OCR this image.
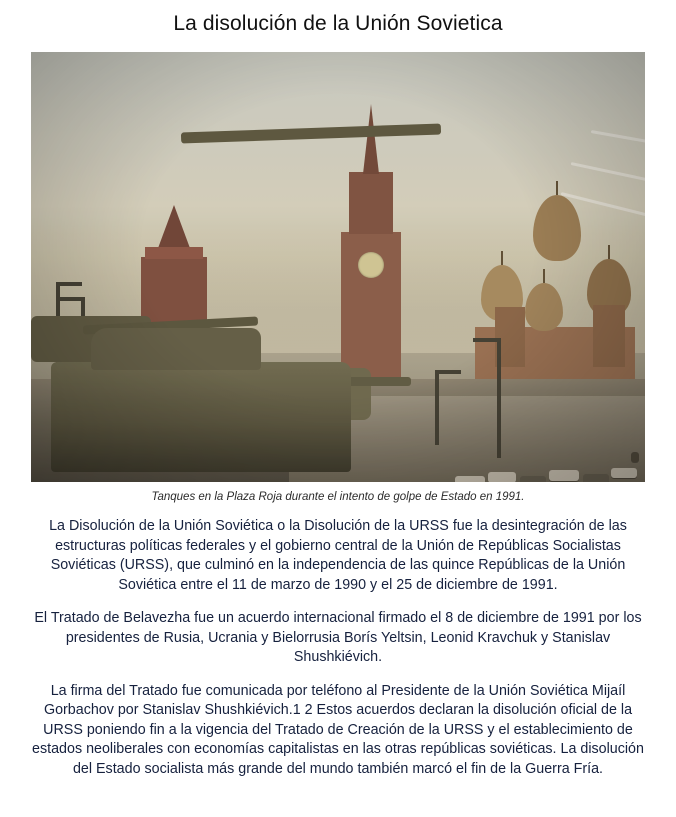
La disolución de la Unión Sovietica
Tanques en la Plaza Roja durante el intento de golpe de Estado en 1991.

La Disolución de la Unión Soviética o la Disolución de la URSS fue la desintegración de las estructuras políticas federales y el gobierno central de la Unión de Repúblicas Socialistas Soviéticas (URSS), que culminó en la independencia de las quince Repúblicas de la Unión Soviética entre el 11 de marzo de 1990 y el 25 de diciembre de 1991.

El Tratado de Belavezha fue un acuerdo internacional firmado el 8 de diciembre de 1991 por los presidentes de Rusia, Ucrania y Bielorrusia Borís Yeltsin, Leonid Kravchuk y Stanislav Shushkiévich.

La firma del Tratado fue comunicada por teléfono al Presidente de la Unión Soviética Mijaíl Gorbachov por Stanislav Shushkiévich.1 2 Estos acuerdos declaran la disolución oficial de la URSS poniendo fin a la vigencia del Tratado de Creación de la URSS y el establecimiento de estados neoliberales con economías capitalistas en las otras repúblicas soviéticas. La disolución del Estado socialista más grande del mundo también marcó el fin de la Guerra Fría.
